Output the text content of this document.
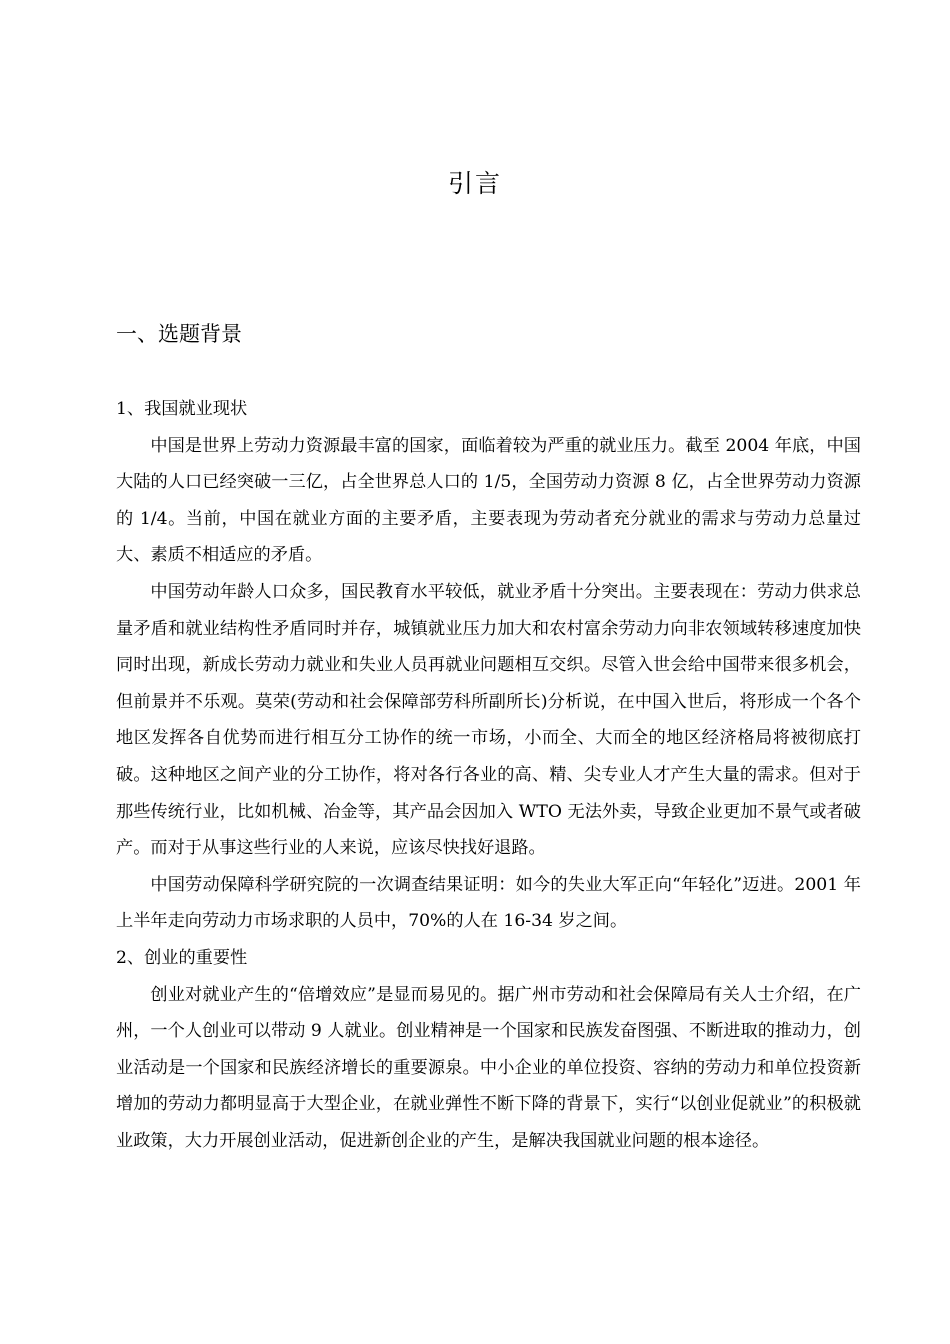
引言
一、选题背景

1、我国就业现状

中国是世界上劳动力资源最丰富的国家，面临着较为严重的就业压力。截至 2004 年底，中国大陆的人口已经突破一三亿，占全世界总人口的 1/5，全国劳动力资源 8 亿，占全世界劳动力资源的 1/4。当前，中国在就业方面的主要矛盾，主要表现为劳动者充分就业的需求与劳动力总量过大、素质不相适应的矛盾。

中国劳动年龄人口众多，国民教育水平较低，就业矛盾十分突出。主要表现在：劳动力供求总量矛盾和就业结构性矛盾同时并存，城镇就业压力加大和农村富余劳动力向非农领域转移速度加快同时出现，新成长劳动力就业和失业人员再就业问题相互交织。尽管入世会给中国带来很多机会，但前景并不乐观。莫荣(劳动和社会保障部劳科所副所长)分析说，在中国入世后，将形成一个各个地区发挥各自优势而进行相互分工协作的统一市场，小而全、大而全的地区经济格局将被彻底打破。这种地区之间产业的分工协作，将对各行各业的高、精、尖专业人才产生大量的需求。但对于那些传统行业，比如机械、冶金等，其产品会因加入 WTO 无法外卖，导致企业更加不景气或者破产。而对于从事这些行业的人来说，应该尽快找好退路。

中国劳动保障科学研究院的一次调查结果证明：如今的失业大军正向“年轻化”迈进。2001 年上半年走向劳动力市场求职的人员中，70%的人在 16-34 岁之间。

2、创业的重要性

创业对就业产生的“倍增效应”是显而易见的。据广州市劳动和社会保障局有关人士介绍，在广州，一个人创业可以带动 9 人就业。创业精神是一个国家和民族发奋图强、不断进取的推动力，创业活动是一个国家和民族经济增长的重要源泉。中小企业的单位投资、容纳的劳动力和单位投资新增加的劳动力都明显高于大型企业，在就业弹性不断下降的背景下，实行“以创业促就业”的积极就业政策，大力开展创业活动，促进新创企业的产生，是解决我国就业问题的根本途径。
